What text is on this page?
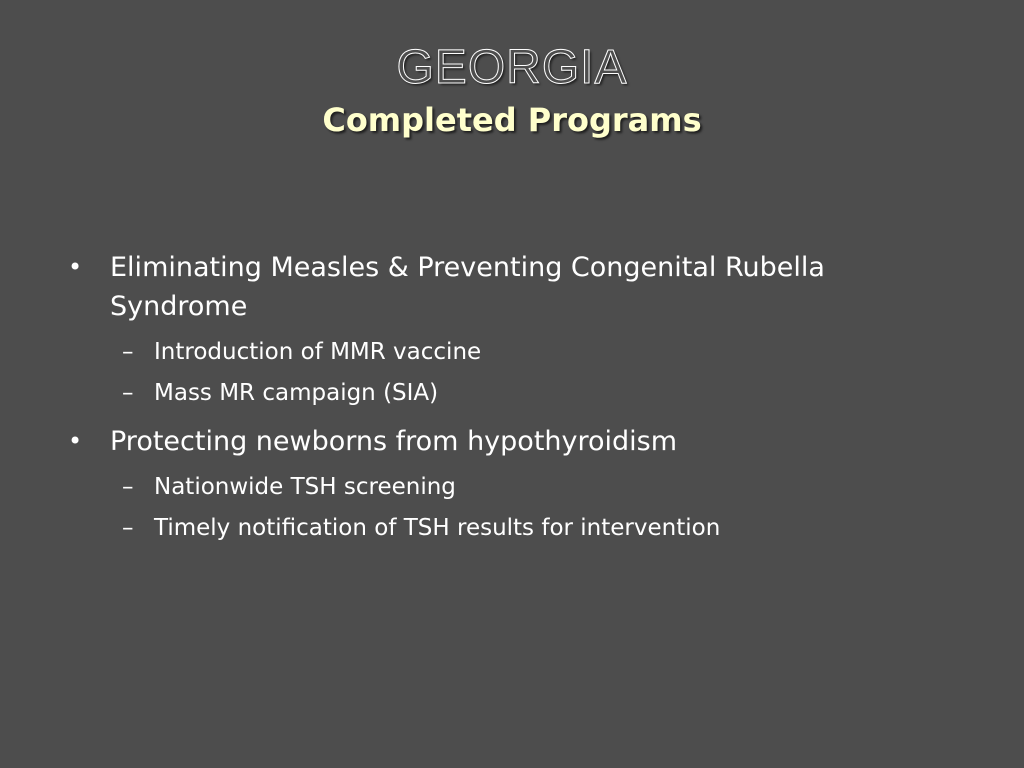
GEORGIA
Completed Programs
• Eliminating Measles & Preventing Congenital Rubella Syndrome
– Introduction of MMR vaccine
– Mass MR campaign (SIA)
• Protecting newborns from hypothyroidism
– Nationwide TSH screening
– Timely notification of TSH results for intervention
